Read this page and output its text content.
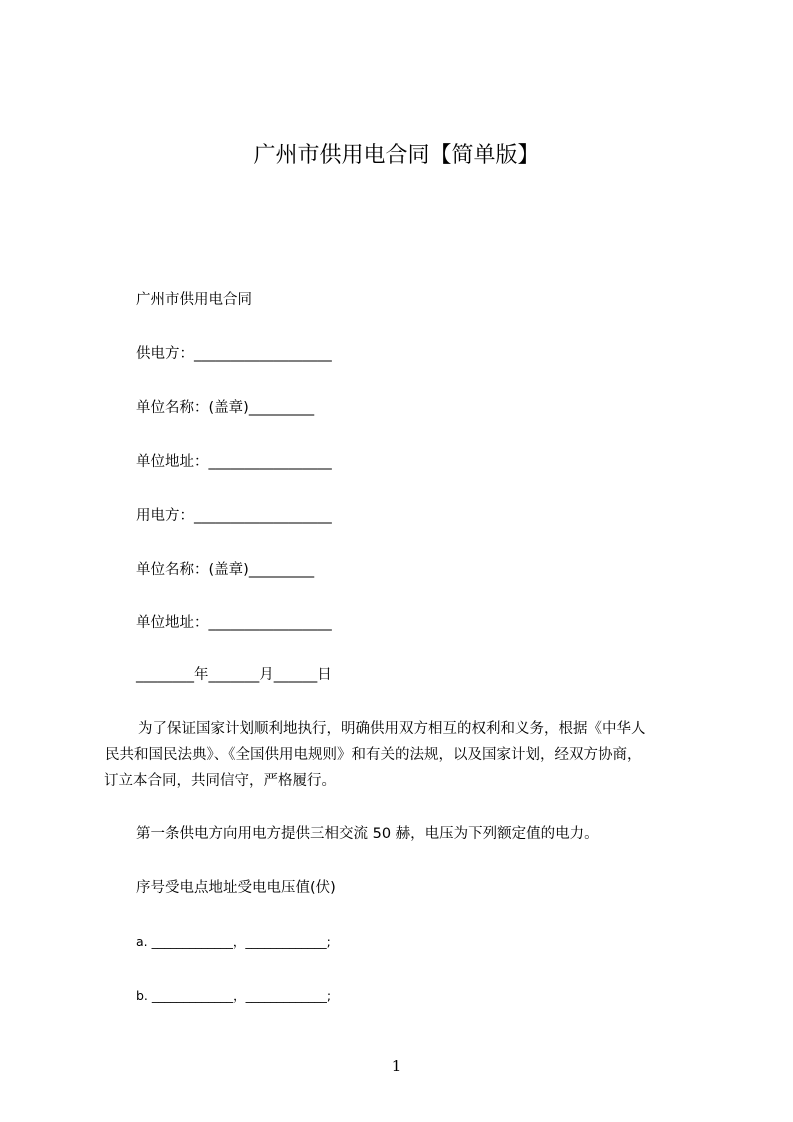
广州市供用电合同【简单版】
广州市供用电合同
供电方：___________________
单位名称：(盖章)_________
单位地址：_________________
用电方：___________________
单位名称：(盖章)_________
单位地址：_________________
________年_______月______日
为了保证国家计划顺利地执行，明确供用双方相互的权利和义务，根据《中华人
民共和国民法典》、《全国供用电规则》和有关的法规，以及国家计划，经双方协商，
订立本合同，共同信守，严格履行。
第一条供电方向用电方提供三相交流 50 赫，电压为下列额定值的电力。
序号受电点地址受电电压值(伏)
a. _____________，_____________;
b. _____________，_____________;
1
